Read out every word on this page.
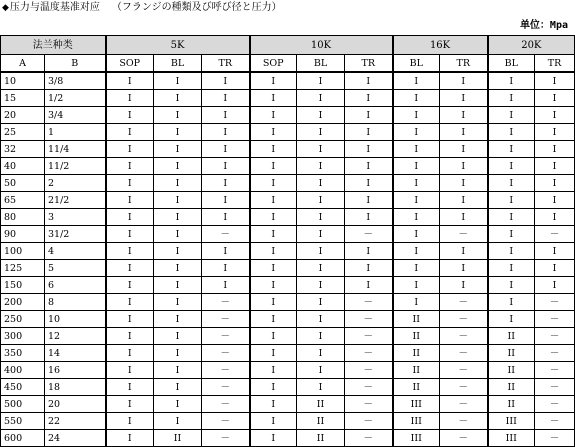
◆压力与温度基准对应 （フランジの種類及び呼び径と圧力）
单位：Mpa
法兰种类		5K			10K			16K		20K	
A	B	SOP	BL	TR	SOP	BL	TR	BL	TR	BL	TR
10	3/8	I	I	I	I	I	I	I	I	I	I
15	1/2	I	I	I	I	I	I	I	I	I	I
20	3/4	I	I	I	I	I	I	I	I	I	I
25	1	I	I	I	I	I	I	I	I	I	I
32	11/4	I	I	I	I	I	I	I	I	I	I
40	11/2	I	I	I	I	I	I	I	I	I	I
50	2	I	I	I	I	I	I	I	I	I	I
65	21/2	I	I	I	I	I	I	I	I	I	I
80	3	I	I	I	I	I	I	I	I	I	I
90	31/2	I	I	－	I	I	－	I	－	I	－
100	4	I	I	I	I	I	I	I	I	I	I
125	5	I	I	I	I	I	I	I	I	I	I
150	6	I	I	I	I	I	I	I	I	I	I
200	8	I	I	－	I	I	－	I	－	I	－
250	10	I	I	－	I	I	－	II	－	I	－
300	12	I	I	－	I	I	－	II	－	II	－
350	14	I	I	－	I	I	－	II	－	II	－
400	16	I	I	－	I	I	－	II	－	II	－
450	18	I	I	－	I	I	－	II	－	II	－
500	20	I	I	－	I	II	－	III	－	II	－
550	22	I	I	－	I	II	－	III	－	III	－
600	24	I	II	－	I	II	－	III	－	III	－
